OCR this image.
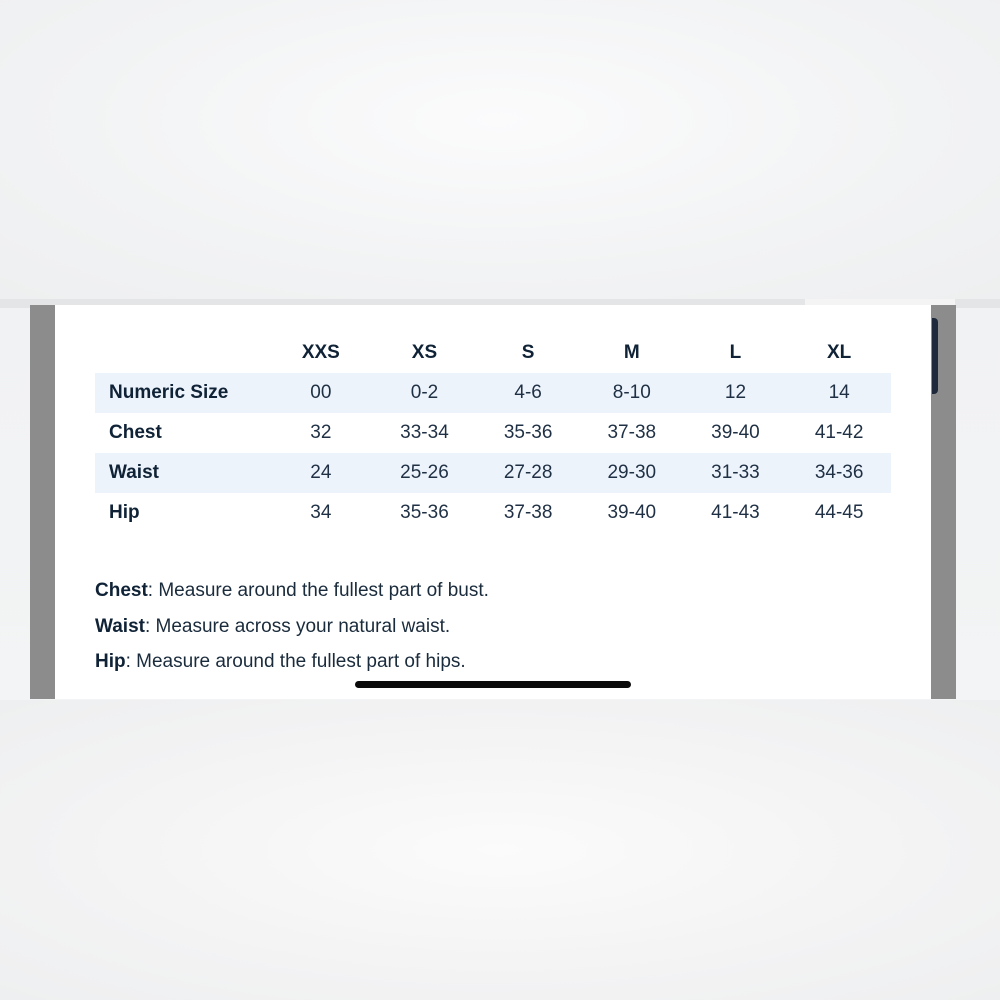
	XXS	XS	S	M	L	XL
Numeric Size	00	0-2	4-6	8-10	12	14
Chest	32	33-34	35-36	37-38	39-40	41-42
Waist	24	25-26	27-28	29-30	31-33	34-36
Hip	34	35-36	37-38	39-40	41-43	44-45
Chest: Measure around the fullest part of bust.
Waist: Measure across your natural waist.
Hip: Measure around the fullest part of hips.
